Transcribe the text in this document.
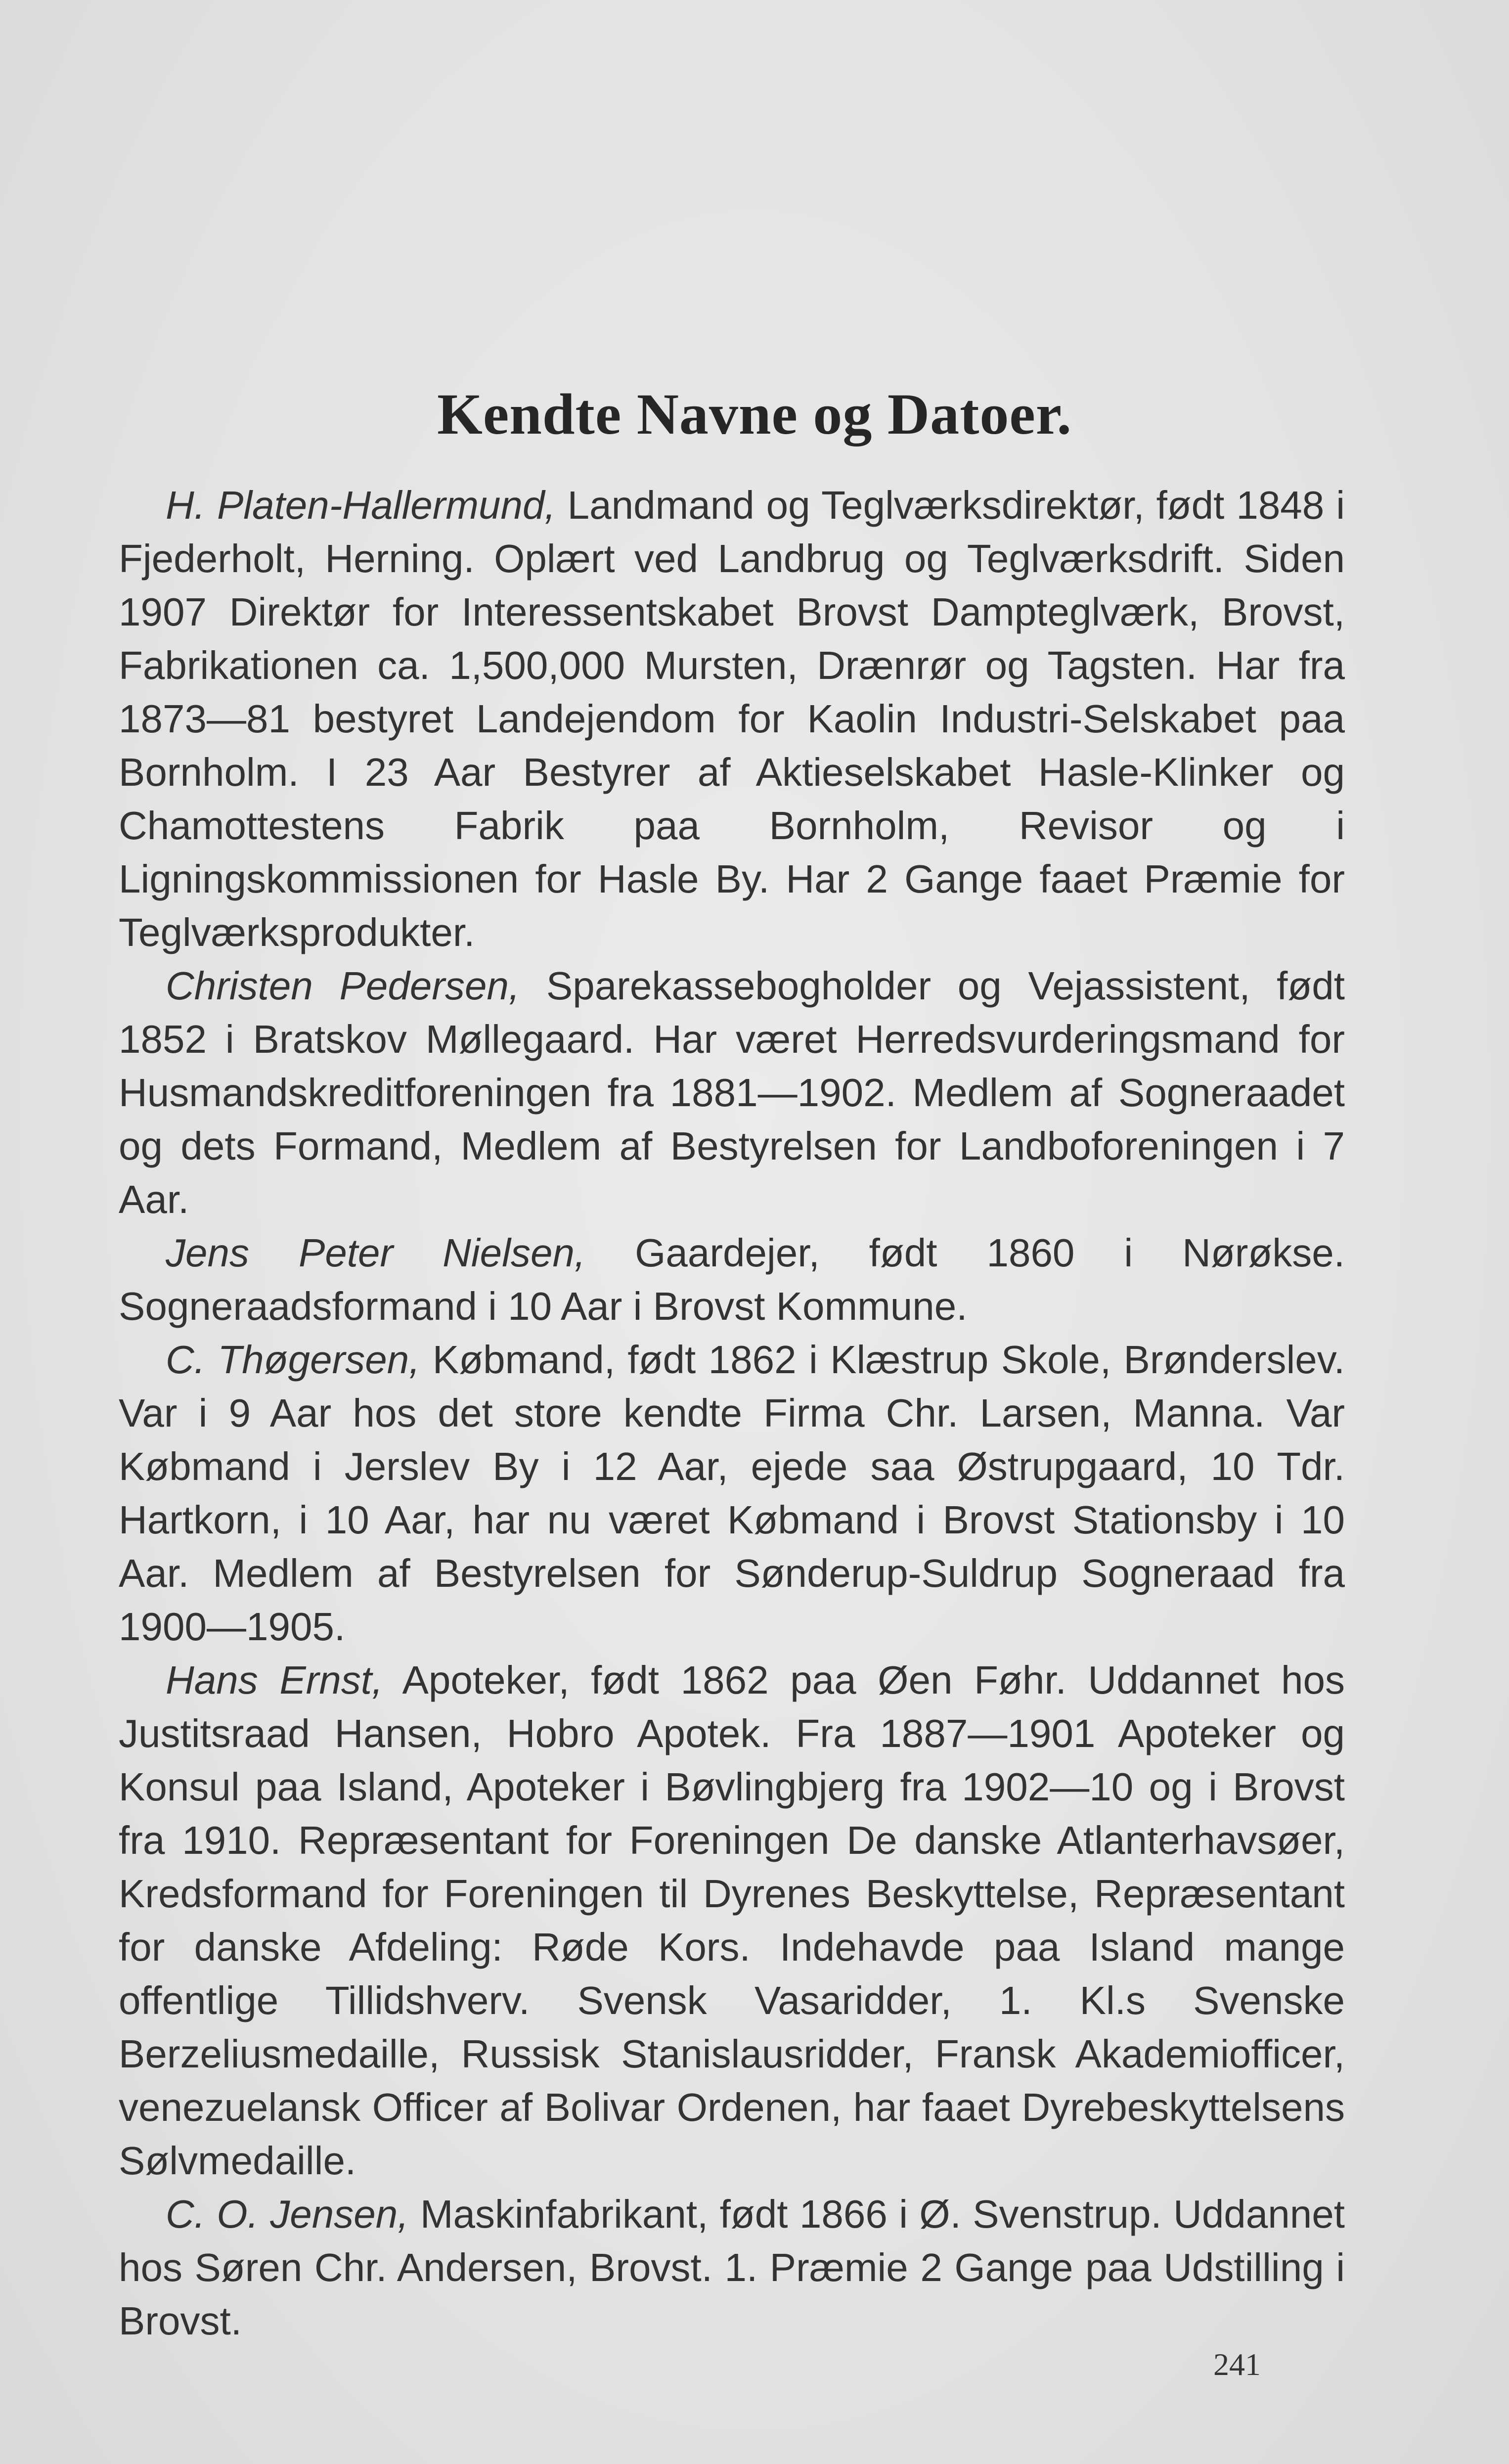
Kendte Navne og Datoer.

H. Platen-Hallermund, Landmand og Teglværksdirektør, født 1848 i Fjederholt, Herning. Oplært ved Landbrug og Teglværksdrift. Siden 1907 Direktør for Interessentskabet Brovst Dampteglværk, Brovst, Fabrikationen ca. 1,500,000 Mursten, Drænrør og Tagsten. Har fra 1873—81 bestyret Landejendom for Kaolin Industri-Selskabet paa Bornholm. I 23 Aar Bestyrer af Aktieselskabet Hasle-Klinker og Chamottestens Fabrik paa Bornholm, Revisor og i Ligningskommissionen for Hasle By. Har 2 Gange faaet Præmie for Teglværksprodukter.

Christen Pedersen, Sparekassebogholder og Vejassistent, født 1852 i Bratskov Møllegaard. Har været Herredsvurderingsmand for Husmandskreditforeningen fra 1881—1902. Medlem af Sogneraadet og dets Formand, Medlem af Bestyrelsen for Landboforeningen i 7 Aar.

Jens Peter Nielsen, Gaardejer, født 1860 i Nørøkse. Sogneraadsformand i 10 Aar i Brovst Kommune.

C. Thøgersen, Købmand, født 1862 i Klæstrup Skole, Brønderslev. Var i 9 Aar hos det store kendte Firma Chr. Larsen, Manna. Var Købmand i Jerslev By i 12 Aar, ejede saa Østrupgaard, 10 Tdr. Hartkorn, i 10 Aar, har nu været Købmand i Brovst Stationsby i 10 Aar. Medlem af Bestyrelsen for Sønderup-Suldrup Sogneraad fra 1900—1905.

Hans Ernst, Apoteker, født 1862 paa Øen Føhr. Uddannet hos Justitsraad Hansen, Hobro Apotek. Fra 1887—1901 Apoteker og Konsul paa Island, Apoteker i Bøvlingbjerg fra 1902—10 og i Brovst fra 1910. Repræsentant for Foreningen De danske Atlanterhavsøer, Kredsformand for Foreningen til Dyrenes Beskyttelse, Repræsentant for danske Afdeling: Røde Kors. Indehavde paa Island mange offentlige Tillidshverv. Svensk Vasaridder, 1. Kl.s Svenske Berzeliusmedaille, Russisk Stanislausridder, Fransk Akademiofficer, venezuelansk Officer af Bolivar Ordenen, har faaet Dyrebeskyttelsens Sølvmedaille.

C. O. Jensen, Maskinfabrikant, født 1866 i Ø. Svenstrup. Uddannet hos Søren Chr. Andersen, Brovst. 1. Præmie 2 Gange paa Udstilling i Brovst.

241
